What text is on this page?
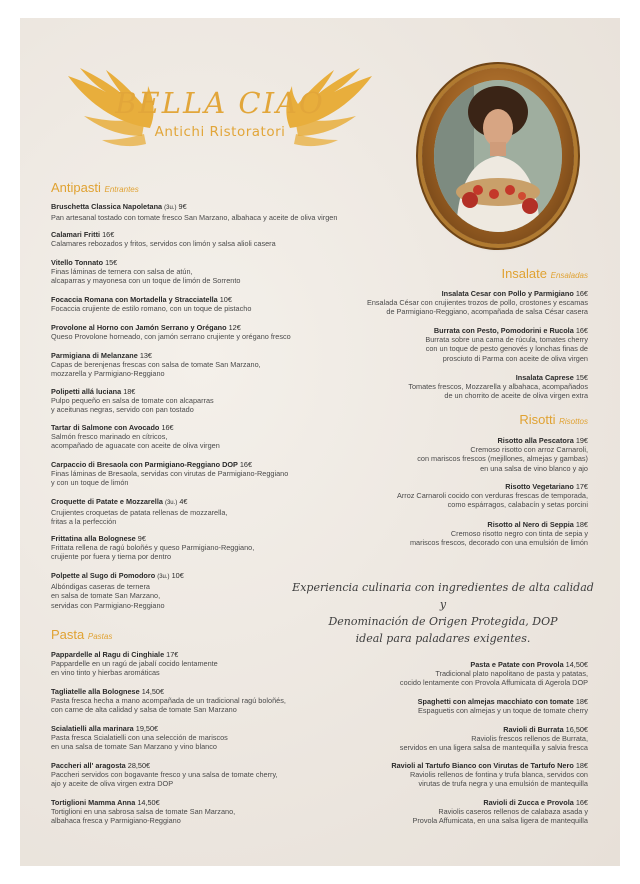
BELLA CIAO
Antichi Ristoratori
Antipasti Entrantes
Bruschetta Classica Napoletana (3u.) 9€
Pan artesanal tostado con tomate fresco San Marzano, albahaca y aceite de oliva virgen
Calamari Fritti 16€
Calamares rebozados y fritos, servidos con limón y salsa alioli casera
Vitello Tonnato 15€
Finas láminas de ternera con salsa de atún,
alcaparras y mayonesa con un toque de limón de Sorrento
Focaccia Romana con Mortadella y Stracciatella 10€
Focaccia crujiente de estilo romano, con un toque de pistacho
Provolone al Horno con Jamón Serrano y Orégano 12€
Queso Provolone horneado, con jamón serrano crujiente y orégano fresco
Parmigiana di Melanzane 13€
Capas de berenjenas frescas con salsa de tomate San Marzano,
mozzarella y Parmigiano-Reggiano
Polipetti allá luciana 18€
Pulpo pequeño en salsa de tomate con alcaparras
y aceitunas negras, servido con pan tostado
Tartar di Salmone con Avocado 16€
Salmón fresco marinado en cítricos,
acompañado de aguacate con aceite de oliva virgen
Carpaccio di Bresaola con Parmigiano-Reggiano DOP 16€
Finas láminas de Bresaola, servidas con virutas de Parmigiano-Reggiano
y con un toque de limón
Croquette di Patate e Mozzarella (3u.) 4€
Crujientes croquetas de patata rellenas de mozzarella,
fritas a la perfección
Frittatina alla Bolognese 9€
Frittata rellena de ragú boloñés y queso Parmigiano-Reggiano,
crujiente por fuera y tierna por dentro
Polpette al Sugo di Pomodoro (3u.) 10€
Albóndigas caseras de ternera
en salsa de tomate San Marzano,
servidas con Parmigiano-Reggiano
Insalate Ensaladas
Insalata Cesar con Pollo y Parmigiano 16€
Ensalada César con crujientes trozos de pollo, crostones y escamas
de Parmigiano-Reggiano, acompañada de salsa César casera
Burrata con Pesto, Pomodorini e Rucola 16€
Burrata sobre una cama de rúcula, tomates cherry
con un toque de pesto genovés y lonchas finas de
prosciuto di Parma con aceite de oliva virgen
Insalata Caprese 15€
Tomates frescos, Mozzarella y albahaca, acompañados
de un chorrito de aceite de oliva virgen extra
Risotti Risottos
Risotto alla Pescatora 19€
Cremoso risotto con arroz Carnaroli,
con mariscos frescos (mejillones, almejas y gambas)
en una salsa de vino blanco y ajo
Risotto Vegetariano 17€
Arroz Carnaroli cocido con verduras frescas de temporada,
como espárragos, calabacín y setas porcini
Risotto al Nero di Seppia 18€
Cremoso risotto negro con tinta de sepia y
mariscos frescos, decorado con una emulsión de limón
Experiencia culinaria con ingredientes de alta calidad y
Denominación de Origen Protegida, DOP
ideal para paladares exigentes.
Pasta Pastas
Pappardelle al Ragu di Cinghiale 17€
Pappardelle en un ragú de jabalí cocido lentamente
en vino tinto y hierbas aromáticas
Tagliatelle alla Bolognese 14,50€
Pasta fresca hecha a mano acompañada de un tradicional ragú boloñés,
con carne de alta calidad y salsa de tomate San Marzano
Scialatielli alla marinara 19,50€
Pasta fresca Scialatielli con una selección de mariscos
en una salsa de tomate San Marzano y vino blanco
Paccheri all' aragosta 28,50€
Paccheri servidos con bogavante fresco y una salsa de tomate cherry,
ajo y aceite de oliva virgen extra DOP
Tortiglioni Mamma Anna 14,50€
Tortiglioni en una sabrosa salsa de tomate San Marzano,
albahaca fresca y Parmigiano-Reggiano
Pasta e Patate con Provola 14,50€
Tradicional plato napolitano de pasta y patatas,
cocido lentamente con Provola Affumicata di Agerola DOP
Spaghetti con almejas macchiato con tomate 18€
Espaguetis con almejas y un toque de tomate cherry
Ravioli di Burrata 16,50€
Raviolis frescos rellenos de Burrata,
servidos en una ligera salsa de mantequilla y salvia fresca
Ravioli al Tartufo Bianco con Virutas de Tartufo Nero 18€
Raviolis rellenos de fontina y trufa blanca, servidos con
virutas de trufa negra y una emulsión de mantequilla
Ravioli di Zucca e Provola 16€
Raviolis caseros rellenos de calabaza asada y
Provola Affumicata, en una salsa ligera de mantequilla
